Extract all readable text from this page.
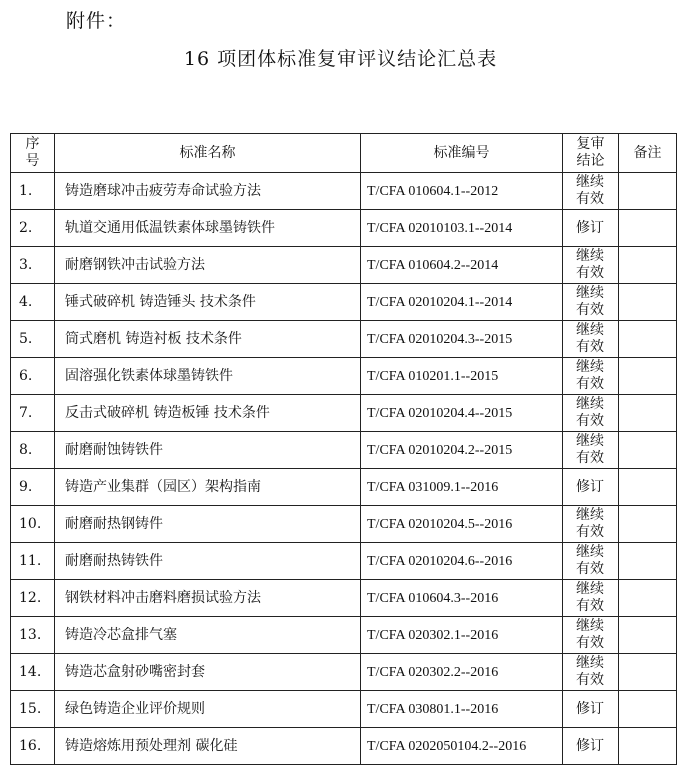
附件：
16 项团体标准复审评议结论汇总表
序号	标准名称	标准编号	复审结论	备注
1.	铸造磨球冲击疲劳寿命试验方法	T/CFA 010604.1--2012	继续有效	

2.	轨道交通用低温铁素体球墨铸铁件	T/CFA 02010103.1--2014	修订	

3.	耐磨钢铁冲击试验方法	T/CFA 010604.2--2014	继续有效	

4.	锤式破碎机 铸造锤头 技术条件	T/CFA 02010204.1--2014	继续有效	

5.	筒式磨机 铸造衬板 技术条件	T/CFA 02010204.3--2015	继续有效	

6.	固溶强化铁素体球墨铸铁件	T/CFA 010201.1--2015	继续有效	

7.	反击式破碎机 铸造板锤 技术条件	T/CFA 02010204.4--2015	继续有效	

8.	耐磨耐蚀铸铁件	T/CFA 02010204.2--2015	继续有效	

9.	铸造产业集群（园区）架构指南	T/CFA 031009.1--2016	修订	

10.	耐磨耐热钢铸件	T/CFA 02010204.5--2016	继续有效	

11.	耐磨耐热铸铁件	T/CFA 02010204.6--2016	继续有效	

12.	钢铁材料冲击磨料磨损试验方法	T/CFA 010604.3--2016	继续有效	

13.	铸造冷芯盒排气塞	T/CFA 020302.1--2016	继续有效	

14.	铸造芯盒射砂嘴密封套	T/CFA 020302.2--2016	继续有效	

15.	绿色铸造企业评价规则	T/CFA 030801.1--2016	修订	

16.	铸造熔炼用预处理剂 碳化硅	T/CFA 0202050104.2--2016	修订	
